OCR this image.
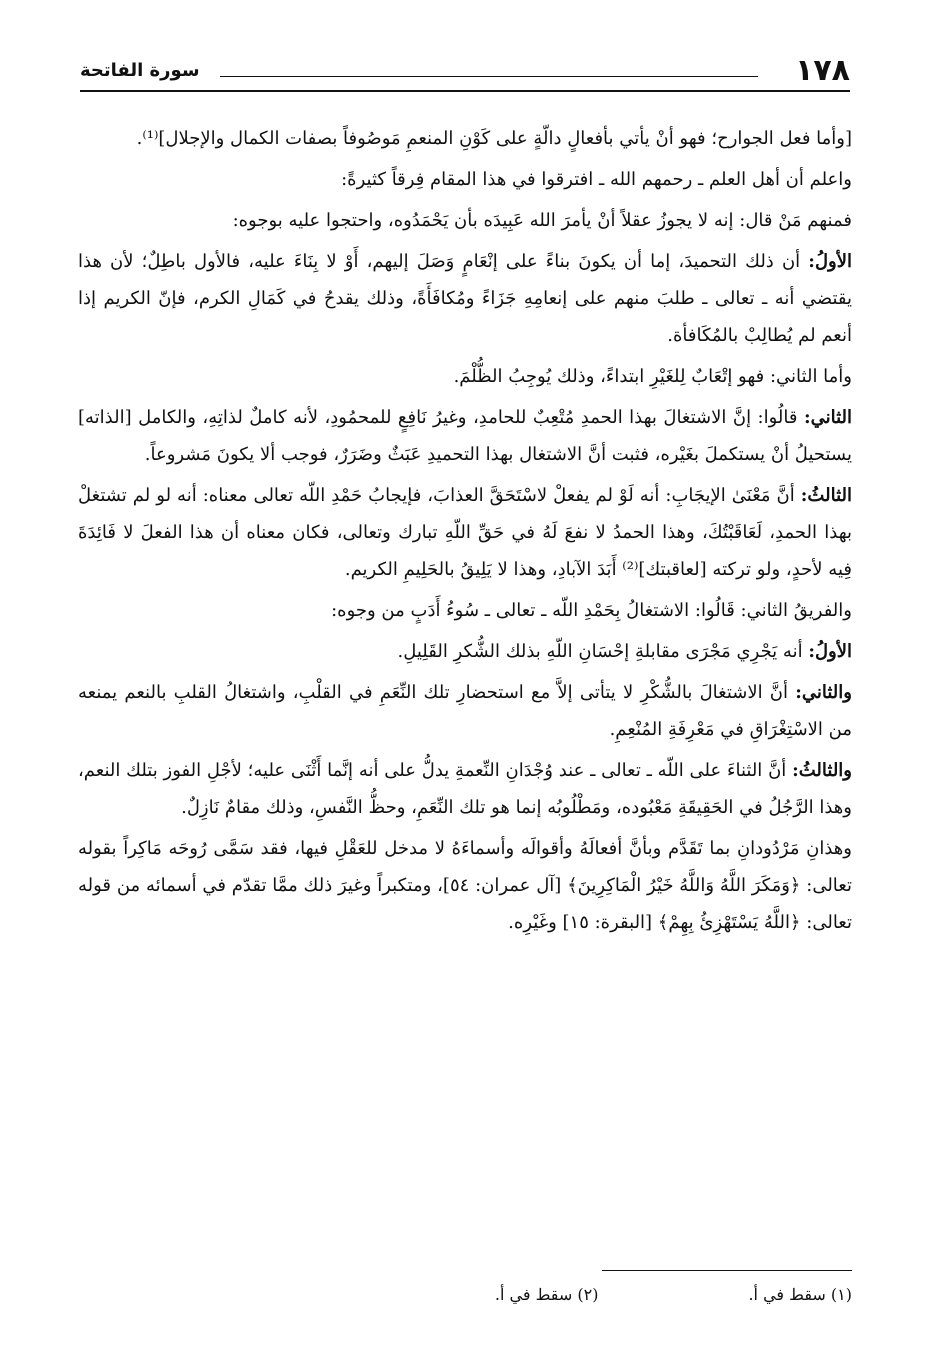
١٧٨
سورة الفاتحة

[وأما فعل الجوارح؛ فهو أنْ يأتي بأفعالٍ دالّةٍ على كَوْنِ المنعمِ مَوصُوفاً بصفات الكمال والإجلال]⁽¹⁾.

واعلم أن أهل العلم ـ رحمهم الله ـ افترقوا في هذا المقام فِرقاً كثيرةً:

فمنهم مَنْ قال: إنه لا يجوزُ عقلاً أنْ يأمرَ الله عَبِيدَه بأن يَحْمَدُوه، واحتجوا عليه بوجوه:

الأولُ: أن ذلك التحميدَ، إما أن يكونَ بناءً على إنْعَامٍ وَصَلَ إليهم، أَوْ لا بِنَاءَ عليه، فالأول باطِلٌ؛ لأن هذا يقتضي أنه ـ تعالى ـ طلبَ منهم على إنعامِهِ جَزَاءً ومُكافَأَةً، وذلك يقدحُ في كَمَالِ الكرم، فإنّ الكريم إذا أنعم لم يُطالِبْ بالمُكَافأة.

وأما الثاني: فهو إتْعَابٌ لِلغَيْرِ ابتداءً، وذلك يُوجِبُ الظُّلْمَ.

الثاني: قالُوا: إنَّ الاشتغالَ بهذا الحمدِ مُتْعِبٌ للحامدِ، وغيرُ نَافِعٍ للمحمُودِ، لأنه كاملٌ لذاتِهِ، والكامل [الذاته] يستحيلُ أنْ يستكملَ بغَيْره، فثبت أنَّ الاشتغال بهذا التحميدِ عَبَثٌ وضَرَرٌ، فوجب ألا يكونَ مَشروعاً.

الثالثُ: أنَّ مَعْنَىٰ الإيجَابِ: أنه لَوْ لم يفعلْ لاسْتَحَقَّ العذابَ، فإيجابُ حَمْدِ اللّه تعالى معناه: أنه لو لم تشتغلْ بهذا الحمدِ، لَعَاقَبْتُكَ، وهذا الحمدُ لا نفعَ لَهُ في حَقِّ اللّهِ تبارك وتعالى، فكان معناه أن هذا الفعلَ لا فَائِدَةَ فِيه لأحدٍ، ولو تركته [لعاقبتك]⁽²⁾ أَبَدَ الآبادِ، وهذا لا يَلِيقُ بالحَلِيمِ الكريم.

والفريقُ الثاني: قَالُوا: الاشتغالُ بِحَمْدِ اللّه ـ تعالى ـ سُوءُ أَدَبٍ من وجوه:

الأولُ: أنه يَجْرِي مَجْرَى مقابلةِ إحْسَانِ اللّهِ بذلك الشُّكرِ القَلِيلِ.

والثاني: أنَّ الاشتغالَ بالشُّكْرِ لا يتأتى إلاَّ مع استحضارِ تلك النِّعَمِ في القلْبِ، واشتغالُ القلبِ بالنعم يمنعه من الاسْتِغْرَاقِ في مَعْرِفَةِ المُنْعِمِ.

والثالثُ: أنَّ الثناءَ على اللّه ـ تعالى ـ عند وُجْدَانِ النِّعمةِ يدلُّ على أنه إنَّما أَثْنَى عليه؛ لأجْلِ الفوز بتلك النعم، وهذا الرَّجُلُ في الحَقِيقَةِ مَعْبُوده، ومَطْلُوبُه إنما هو تلك النِّعَمِ، وحظُّ النَّفسِ، وذلك مقامٌ نَازِلٌ.

وهذانِ مَرْدُودانِ بما تَقَدَّم وبأنَّ أفعالَهُ وأقوالَه وأسماءَهُ لا مدخل للعَقْلِ فيها، فقد سَمَّى رُوحَه مَاكِراً بقوله تعالى: ﴿وَمَكَرَ اللَّهُ وَاللَّهُ خَيْرُ الْمَاكِرِينَ﴾ [آل عمران: ٥٤]، ومتكبراً وغيرَ ذلك ممَّا تقدّم في أسمائه من قوله تعالى: ﴿اللَّهُ يَسْتَهْزِئُ بِهِمْ﴾ [البقرة: ١٥] وغَيْرِه.

(١) سقط في أ.
(٢) سقط في أ.
